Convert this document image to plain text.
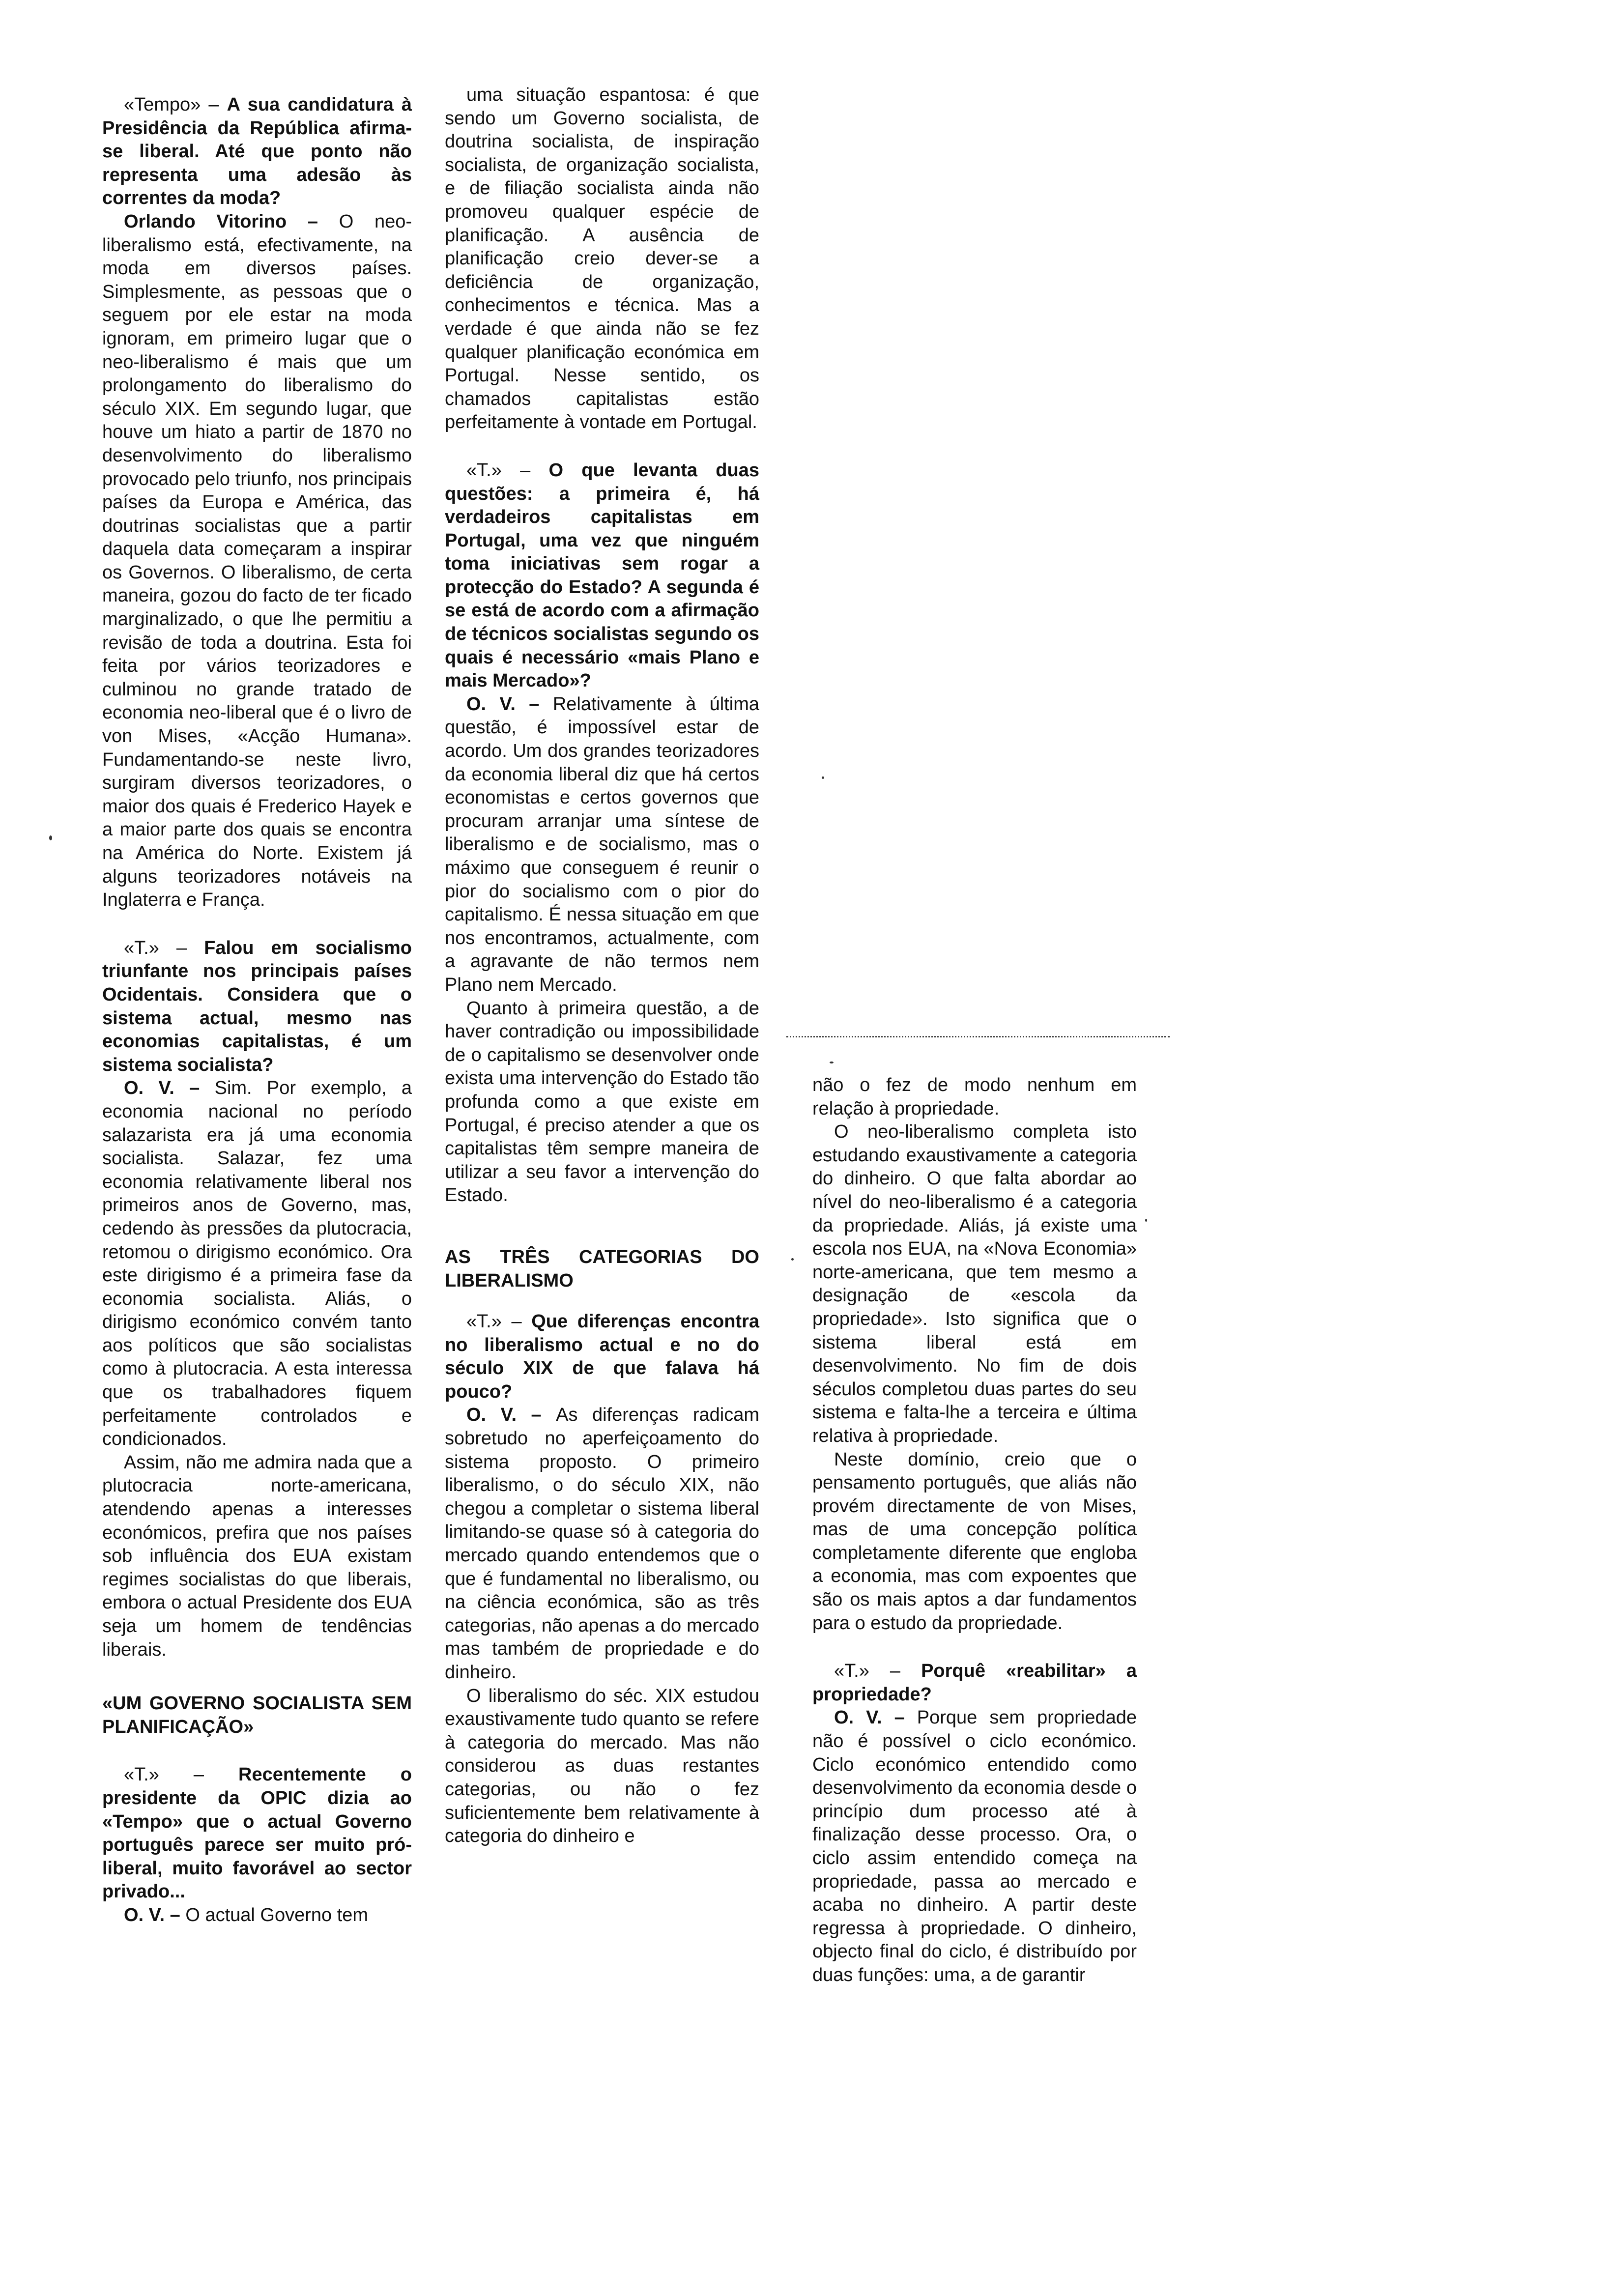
«Tempo» – A sua candidatura à Presidência da República afirma-se liberal. Até que ponto não representa uma adesão às correntes da moda?

Orlando Vitorino – O neo-liberalismo está, efectivamente, na moda em diversos países. Simplesmente, as pessoas que o seguem por ele estar na moda ignoram, em primeiro lugar que o neo-liberalismo é mais que um prolongamento do liberalismo do século XIX. Em segundo lugar, que houve um hiato a partir de 1870 no desenvolvimento do liberalismo provocado pelo triunfo, nos principais países da Europa e América, das doutrinas socialistas que a partir daquela data começaram a inspirar os Governos. O liberalismo, de certa maneira, gozou do facto de ter ficado marginalizado, o que lhe permitiu a revisão de toda a doutrina. Esta foi feita por vários teorizadores e culminou no grande tratado de economia neo-liberal que é o livro de von Mises, «Acção Humana». Fundamentando-se neste livro, surgiram diversos teorizadores, o maior dos quais é Frederico Hayek e a maior parte dos quais se encontra na América do Norte. Existem já alguns teorizadores notáveis na Inglaterra e França.

«T.» – Falou em socialismo triunfante nos principais países Ocidentais. Considera que o sistema actual, mesmo nas economias capitalistas, é um sistema socialista?

O. V. – Sim. Por exemplo, a economia nacional no período salazarista era já uma economia socialista. Salazar, fez uma economia relativamente liberal nos primeiros anos de Governo, mas, cedendo às pressões da plutocracia, retomou o dirigismo económico. Ora este dirigismo é a primeira fase da economia socialista. Aliás, o dirigismo económico convém tanto aos políticos que são socialistas como à plutocracia. A esta interessa que os trabalhadores fiquem perfeitamente controlados e condicionados.

Assim, não me admira nada que a plutocracia norte-americana, atendendo apenas a interesses económicos, prefira que nos países sob influência dos EUA existam regimes socialistas do que liberais, embora o actual Presidente dos EUA seja um homem de tendências liberais.

«UM GOVERNO SOCIALISTA SEM PLANIFICAÇÃO»

«T.» – Recentemente o presidente da OPIC dizia ao «Tempo» que o actual Governo português parece ser muito pró-liberal, muito favorável ao sector privado...

O. V. – O actual Governo tem

uma situação espantosa: é que sendo um Governo socialista, de doutrina socialista, de inspiração socialista, de organização socialista, e de filiação socialista ainda não promoveu qualquer espécie de planificação. A ausência de planificação creio dever-se a deficiência de organização, conhecimentos e técnica. Mas a verdade é que ainda não se fez qualquer planificação económica em Portugal. Nesse sentido, os chamados capitalistas estão perfeitamente à vontade em Portugal.

«T.» – O que levanta duas questões: a primeira é, há verdadeiros capitalistas em Portugal, uma vez que ninguém toma iniciativas sem rogar a protecção do Estado? A segunda é se está de acordo com a afirmação de técnicos socialistas segundo os quais é necessário «mais Plano e mais Mercado»?

O. V. – Relativamente à última questão, é impossível estar de acordo. Um dos grandes teorizadores da economia liberal diz que há certos economistas e certos governos que procuram arranjar uma síntese de liberalismo e de socialismo, mas o máximo que conseguem é reunir o pior do socialismo com o pior do capitalismo. É nessa situação em que nos encontramos, actualmente, com a agravante de não termos nem Plano nem Mercado.

Quanto à primeira questão, a de haver contradição ou impossibilidade de o capitalismo se desenvolver onde exista uma intervenção do Estado tão profunda como a que existe em Portugal, é preciso atender a que os capitalistas têm sempre maneira de utilizar a seu favor a intervenção do Estado.

AS TRÊS CATEGORIAS DO LIBERALISMO

«T.» – Que diferenças encontra no liberalismo actual e no do século XIX de que falava há pouco?

O. V. – As diferenças radicam sobretudo no aperfeiçoamento do sistema proposto. O primeiro liberalismo, o do século XIX, não chegou a completar o sistema liberal limitando-se quase só à categoria do mercado quando entendemos que o que é fundamental no liberalismo, ou na ciência económica, são as três categorias, não apenas a do mercado mas também de propriedade e do dinheiro.

O liberalismo do séc. XIX estudou exaustivamente tudo quanto se refere à categoria do mercado. Mas não considerou as duas restantes categorias, ou não o fez suficientemente bem relativamente à categoria do dinheiro e

não o fez de modo nenhum em relação à propriedade.

O neo-liberalismo completa isto estudando exaustivamente a categoria do dinheiro. O que falta abordar ao nível do neo-liberalismo é a categoria da propriedade. Aliás, já existe uma escola nos EUA, na «Nova Economia» norte-americana, que tem mesmo a designação de «escola da propriedade». Isto significa que o sistema liberal está em desenvolvimento. No fim de dois séculos completou duas partes do seu sistema e falta-lhe a terceira e última relativa à propriedade.

Neste domínio, creio que o pensamento português, que aliás não provém directamente de von Mises, mas de uma concepção política completamente diferente que engloba a economia, mas com expoentes que são os mais aptos a dar fundamentos para o estudo da propriedade.

«T.» – Porquê «reabilitar» a propriedade?

O. V. – Porque sem propriedade não é possível o ciclo económico. Ciclo económico entendido como desenvolvimento da economia desde o princípio dum processo até à finalização desse processo. Ora, o ciclo assim entendido começa na propriedade, passa ao mercado e acaba no dinheiro. A partir deste regressa à propriedade. O dinheiro, objecto final do ciclo, é distribuído por duas funções: uma, a de garantir
